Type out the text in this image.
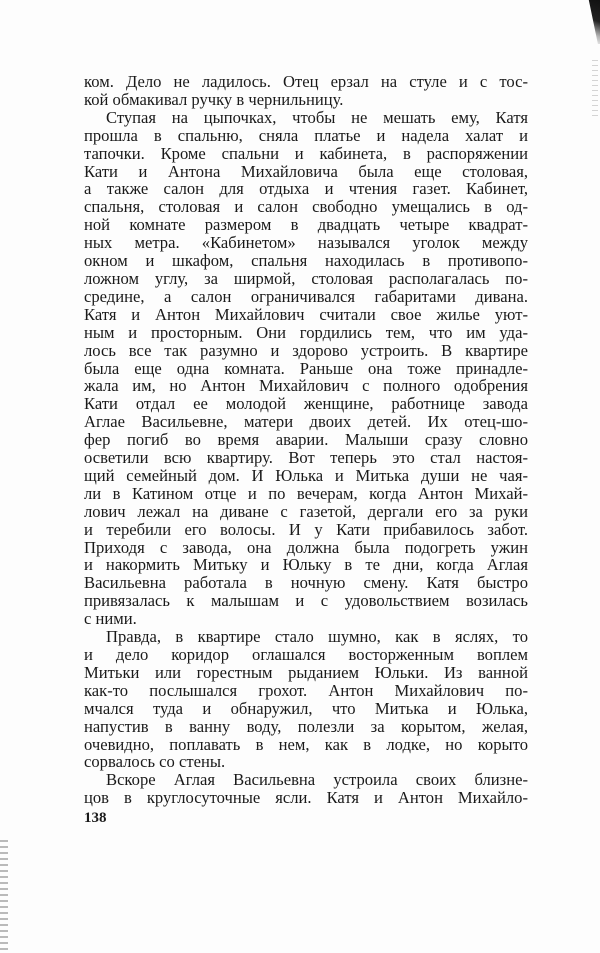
ком. Дело не ладилось. Отец ерзал на стуле и с тос-
кой обмакивал ручку в чернильницу.
Ступая на цыпочках, чтобы не мешать ему, Катя
прошла в спальню, сняла платье и надела халат и
тапочки. Кроме спальни и кабинета, в распоряжении
Кати и Антона Михайловича была еще столовая,
а также салон для отдыха и чтения газет. Кабинет,
спальня, столовая и салон свободно умещались в од-
ной комнате размером в двадцать четыре квадрат-
ных метра. «Кабинетом» назывался уголок между
окном и шкафом, спальня находилась в противопо-
ложном углу, за ширмой, столовая располагалась по-
средине, а салон ограничивался габаритами дивана.
Катя и Антон Михайлович считали свое жилье уют-
ным и просторным. Они гордились тем, что им уда-
лось все так разумно и здорово устроить. В квартире
была еще одна комната. Раньше она тоже принадле-
жала им, но Антон Михайлович с полного одобрения
Кати отдал ее молодой женщине, работнице завода
Аглае Васильевне, матери двоих детей. Их отец-шо-
фер погиб во время аварии. Малыши сразу словно
осветили всю квартиру. Вот теперь это стал настоя-
щий семейный дом. И Юлька и Митька души не чая-
ли в Катином отце и по вечерам, когда Антон Михай-
лович лежал на диване с газетой, дергали его за руки
и теребили его волосы. И у Кати прибавилось забот.
Приходя с завода, она должна была подогреть ужин
и накормить Митьку и Юльку в те дни, когда Аглая
Васильевна работала в ночную смену. Катя быстро
привязалась к малышам и с удовольствием возилась
с ними.
Правда, в квартире стало шумно, как в яслях, то
и дело коридор оглашался восторженным воплем
Митьки или горестным рыданием Юльки. Из ванной
как-то послышался грохот. Антон Михайлович по-
мчался туда и обнаружил, что Митька и Юлька,
напустив в ванну воду, полезли за корытом, желая,
очевидно, поплавать в нем, как в лодке, но корыто
сорвалось со стены.
Вскоре Аглая Васильевна устроила своих близне-
цов в круглосуточные ясли. Катя и Антон Михайло-
138
